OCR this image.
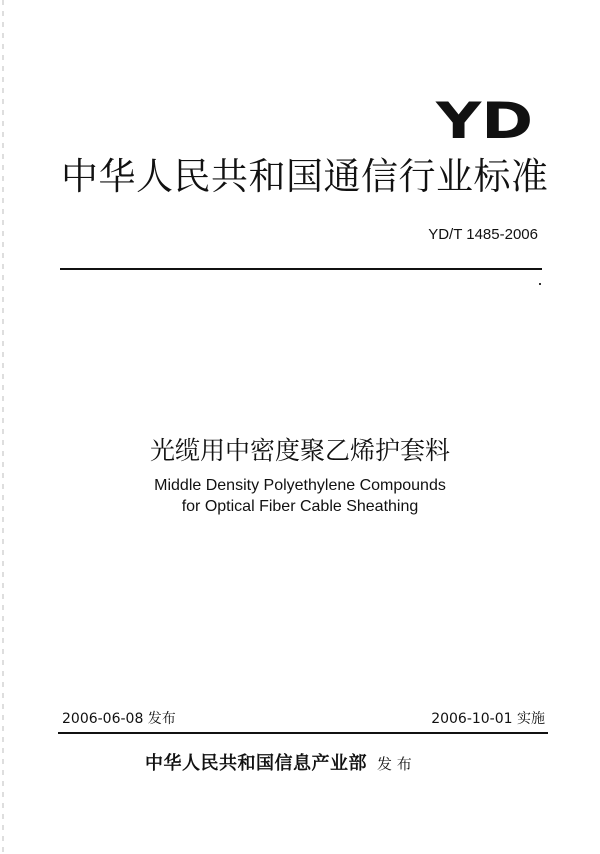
YD
中华人民共和国通信行业标准
YD/T 1485-2006
光缆用中密度聚乙烯护套料
Middle Density Polyethylene Compounds
for Optical Fiber Cable Sheathing
2006-06-08 发布	2006-10-01 实施
中华人民共和国信息产业部 发 布
